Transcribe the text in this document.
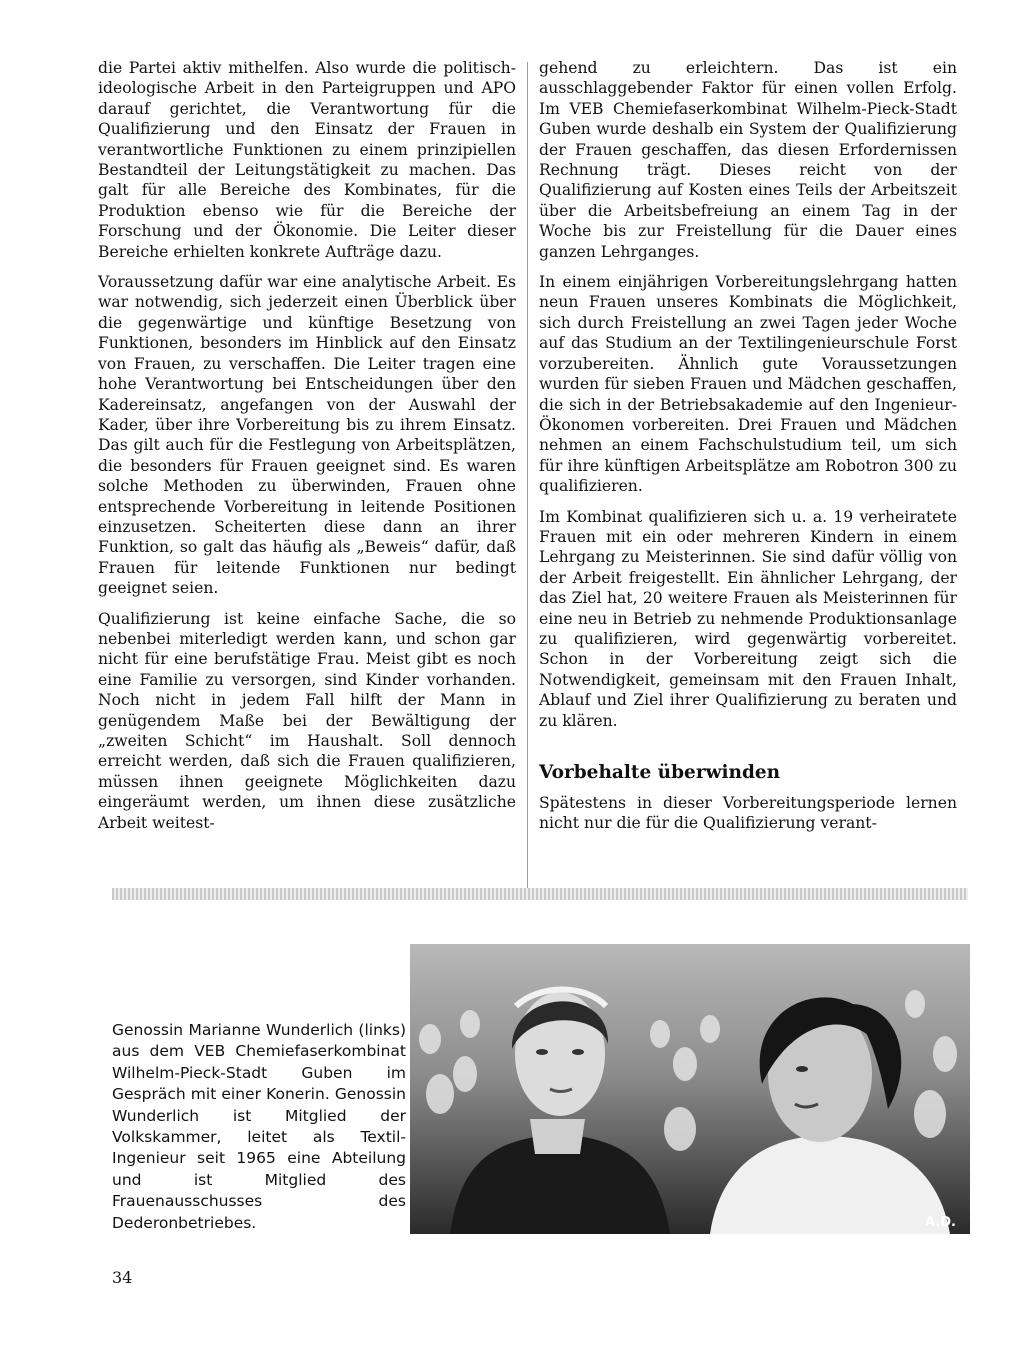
die Partei aktiv mithelfen. Also wurde die politisch-ideologische Arbeit in den Parteigruppen und APO darauf gerichtet, die Verantwortung für die Qualifizierung und den Einsatz der Frauen in verantwortliche Funktionen zu einem prinzipiellen Bestandteil der Leitungstätigkeit zu machen. Das galt für alle Bereiche des Kombinates, für die Produktion ebenso wie für die Bereiche der Forschung und der Ökonomie. Die Leiter dieser Bereiche erhielten konkrete Aufträge dazu.

Voraussetzung dafür war eine analytische Arbeit. Es war notwendig, sich jederzeit einen Überblick über die gegenwärtige und künftige Besetzung von Funktionen, besonders im Hinblick auf den Einsatz von Frauen, zu verschaffen. Die Leiter tragen eine hohe Verantwortung bei Entscheidungen über den Kadereinsatz, angefangen von der Auswahl der Kader, über ihre Vorbereitung bis zu ihrem Einsatz. Das gilt auch für die Festlegung von Arbeitsplätzen, die besonders für Frauen geeignet sind. Es waren solche Methoden zu überwinden, Frauen ohne entsprechende Vorbereitung in leitende Positionen einzusetzen. Scheiterten diese dann an ihrer Funktion, so galt das häufig als „Beweis“ dafür, daß Frauen für leitende Funktionen nur bedingt geeignet seien.

Qualifizierung ist keine einfache Sache, die so nebenbei miterledigt werden kann, und schon gar nicht für eine berufstätige Frau. Meist gibt es noch eine Familie zu versorgen, sind Kinder vorhanden. Noch nicht in jedem Fall hilft der Mann in genügendem Maße bei der Bewältigung der „zweiten Schicht“ im Haushalt. Soll dennoch erreicht werden, daß sich die Frauen qualifizieren, müssen ihnen geeignete Möglichkeiten dazu eingeräumt werden, um ihnen diese zusätzliche Arbeit weitest-

gehend zu erleichtern. Das ist ein ausschlaggebender Faktor für einen vollen Erfolg. Im VEB Chemiefaserkombinat Wilhelm-Pieck-Stadt Guben wurde deshalb ein System der Qualifizierung der Frauen geschaffen, das diesen Erfordernissen Rechnung trägt. Dieses reicht von der Qualifizierung auf Kosten eines Teils der Arbeitszeit über die Arbeitsbefreiung an einem Tag in der Woche bis zur Freistellung für die Dauer eines ganzen Lehrganges.

In einem einjährigen Vorbereitungslehrgang hatten neun Frauen unseres Kombinats die Möglichkeit, sich durch Freistellung an zwei Tagen jeder Woche auf das Studium an der Textilingenieurschule Forst vorzubereiten. Ähnlich gute Voraussetzungen wurden für sieben Frauen und Mädchen geschaffen, die sich in der Betriebsakademie auf den Ingenieur-Ökonomen vorbereiten. Drei Frauen und Mädchen nehmen an einem Fachschulstudium teil, um sich für ihre künftigen Arbeitsplätze am Robotron 300 zu qualifizieren.

Im Kombinat qualifizieren sich u. a. 19 verheiratete Frauen mit ein oder mehreren Kindern in einem Lehrgang zu Meisterinnen. Sie sind dafür völlig von der Arbeit freigestellt. Ein ähnlicher Lehrgang, der das Ziel hat, 20 weitere Frauen als Meisterinnen für eine neu in Betrieb zu nehmende Produktionsanlage zu qualifizieren, wird gegenwärtig vorbereitet. Schon in der Vorbereitung zeigt sich die Notwendigkeit, gemeinsam mit den Frauen Inhalt, Ablauf und Ziel ihrer Qualifizierung zu beraten und zu klären.

Vorbehalte überwinden

Spätestens in dieser Vorbereitungsperiode lernen nicht nur die für die Qualifizierung verant-

Genossin Marianne Wunderlich (links) aus dem VEB Chemiefaserkombinat Wilhelm-Pieck-Stadt Guben im Gespräch mit einer Konerin. Genossin Wunderlich ist Mitglied der Volkskammer, leitet als Textil-Ingenieur seit 1965 eine Abteilung und ist Mitglied des Frauenausschusses des Dederonbetriebes.	A.D.
34
